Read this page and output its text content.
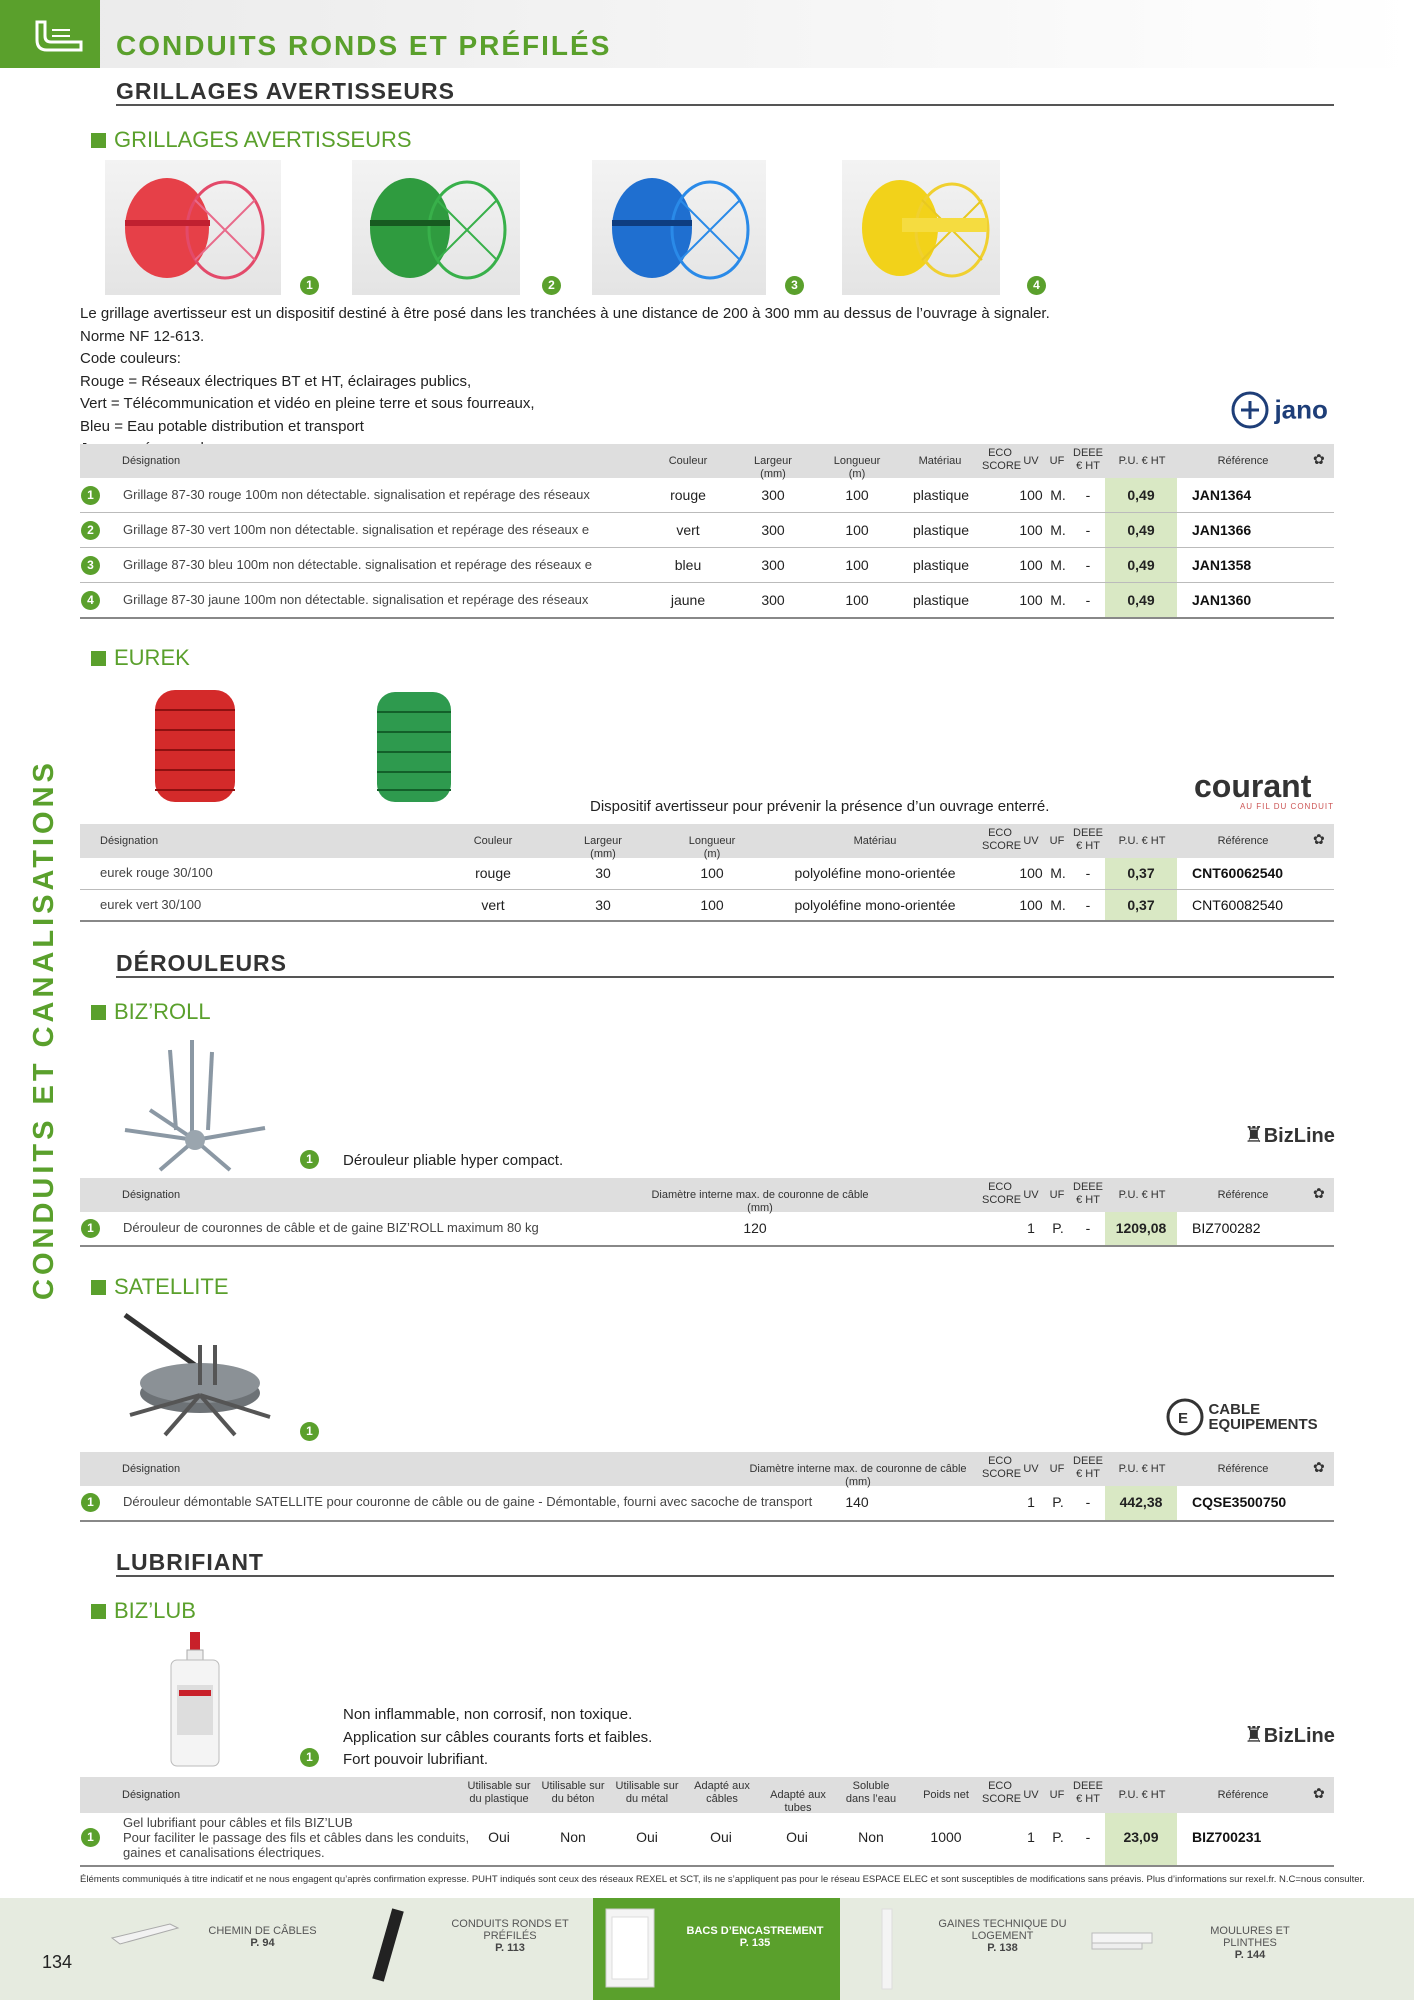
CONDUITS RONDS ET PRÉFILÉS
CONDUITS ET CANALISATIONS
GRILLAGES AVERTISSEURS
GRILLAGES AVERTISSEURS
1	2	3	4
Le grillage avertisseur est un dispositif destiné à être posé dans les tranchées à une distance de 200 à 300 mm au dessus de l’ouvrage à signaler. Norme NF 12-613.
Code couleurs:
Rouge = Réseaux électriques BT et HT, éclairages publics,
Vert = Télécommunication et vidéo en pleine terre et sous fourreaux,
Bleu = Eau potable distribution et transport
jano
Désignation	Couleur	Largeur (mm)
Longueur (m)
Matériau
ECO SCORE UV UF
DEEE € HT	P.U. € HT	Référence	✿
1	Grillage 87-30 rouge 100m non détectable. signalisation et repérage des réseaux	rouge	300	100	plastique	100 M.	-	0,49	JAN1364
2	Grillage 87-30 vert 100m non détectable. signalisation et repérage des réseaux e	vert	300	100	plastique	100 M.	-	0,49	JAN1366
3	Grillage 87-30 bleu 100m non détectable. signalisation et repérage des réseaux e	bleu	300	100	plastique	100 M.	-	0,49	JAN1358
4	Grillage 87-30 jaune 100m non détectable. signalisation et repérage des réseaux	jaune	300	100	plastique	100 M.	-	0,49	JAN1360
EUREK
Dispositif avertisseur pour prévenir la présence d’un ouvrage enterré.
courant
AU FIL DU CONDUIT
Désignation	Couleur	Largeur (mm)
Longueur (m)
Matériau
ECO SCORE UV UF
DEEE € HT	P.U. € HT	Référence	✿
eurek rouge 30/100	rouge	30	100	polyoléfine mono-orientée	100 M.	-	0,37	CNT60062540
eurek vert 30/100	vert	30	100	polyoléfine mono-orientée	100 M.	-	0,37	CNT60082540
DÉROULEURS
BIZ’ROLL
1	Dérouleur pliable hyper compact.
♜BizLine
Désignation	Diamètre interne max. de couronne de câble (mm)
ECO SCORE UV UF
DEEE € HT	P.U. € HT	Référence	✿
1	Dérouleur de couronnes de câble et de gaine BIZ’ROLL maximum 80 kg	120	1	P.	-	1209,08	BIZ700282
SATELLITE
1
E
CABLE
EQUIPEMENTS
Désignation	Diamètre interne max. de couronne de câble (mm)
ECO SCORE UV UF
DEEE € HT	P.U. € HT	Référence	✿
1	Dérouleur démontable SATELLITE pour couronne de câble ou de gaine - Démontable, fourni avec sacoche de transport	140	1	P.	-	442,38	CQSE3500750
LUBRIFIANT
BIZ’LUB
1
Non inflammable, non corrosif, non toxique.
Application sur câbles courants forts et faibles.
Fort pouvoir lubrifiant.
♜BizLine
Désignation
Utilisable sur du plastique
Utilisable sur du béton
Utilisable sur du métal
Adapté aux câbles	Adapté aux tubes
Soluble dans l’eau	Poids net
ECO SCORE UV UF
DEEE € HT	P.U. € HT	Référence	✿
1
Gel lubrifiant pour câbles et fils BIZ’LUB
Pour faciliter le passage des fils et câbles dans les conduits,
gaines et canalisations électriques.
Oui	Non	Oui	Oui	Oui	Non	1000	1	P.	-	23,09	BIZ700231
Éléments communiqués à titre indicatif et ne nous engagent qu’après confirmation expresse. PUHT indiqués sont ceux des réseaux REXEL et SCT, ils ne s’appliquent pas pour le réseau ESPACE ELEC et sont susceptibles de modifications sans préavis. Plus d’informations sur rexel.fr. N.C=nous consulter.
134
CHEMIN DE CÂBLES
P. 94
CONDUITS RONDS ET PRÉFILÉS
P. 113
BACS D’ENCASTREMENT
P. 135
GAINES TECHNIQUE DU LOGEMENT
P. 138
MOULURES ET PLINTHES
P. 144
